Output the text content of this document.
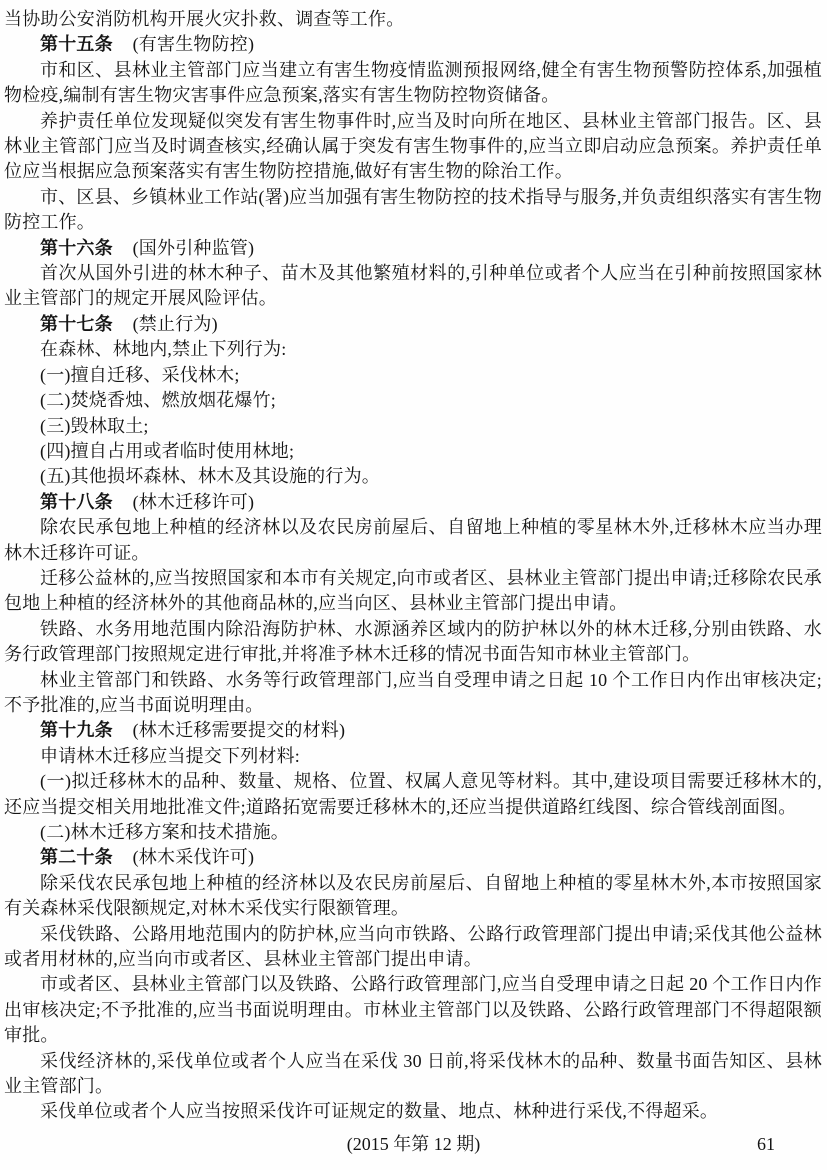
当协助公安消防机构开展火灾扑救、调查等工作。

第十五条 (有害生物防控)

市和区、县林业主管部门应当建立有害生物疫情监测预报网络,健全有害生物预警防控体系,加强植物检疫,编制有害生物灾害事件应急预案,落实有害生物防控物资储备。

养护责任单位发现疑似突发有害生物事件时,应当及时向所在地区、县林业主管部门报告。区、县林业主管部门应当及时调查核实,经确认属于突发有害生物事件的,应当立即启动应急预案。养护责任单位应当根据应急预案落实有害生物防控措施,做好有害生物的除治工作。

市、区县、乡镇林业工作站(署)应当加强有害生物防控的技术指导与服务,并负责组织落实有害生物防控工作。

第十六条 (国外引种监管)

首次从国外引进的林木种子、苗木及其他繁殖材料的,引种单位或者个人应当在引种前按照国家林业主管部门的规定开展风险评估。

第十七条 (禁止行为)

在森林、林地内,禁止下列行为:

(一)擅自迁移、采伐林木;

(二)焚烧香烛、燃放烟花爆竹;

(三)毁林取土;

(四)擅自占用或者临时使用林地;

(五)其他损坏森林、林木及其设施的行为。

第十八条 (林木迁移许可)

除农民承包地上种植的经济林以及农民房前屋后、自留地上种植的零星林木外,迁移林木应当办理林木迁移许可证。

迁移公益林的,应当按照国家和本市有关规定,向市或者区、县林业主管部门提出申请;迁移除农民承包地上种植的经济林外的其他商品林的,应当向区、县林业主管部门提出申请。

铁路、水务用地范围内除沿海防护林、水源涵养区域内的防护林以外的林木迁移,分别由铁路、水务行政管理部门按照规定进行审批,并将准予林木迁移的情况书面告知市林业主管部门。

林业主管部门和铁路、水务等行政管理部门,应当自受理申请之日起 10 个工作日内作出审核决定;不予批准的,应当书面说明理由。

第十九条 (林木迁移需要提交的材料)

申请林木迁移应当提交下列材料:

(一)拟迁移林木的品种、数量、规格、位置、权属人意见等材料。其中,建设项目需要迁移林木的,还应当提交相关用地批准文件;道路拓宽需要迁移林木的,还应当提供道路红线图、综合管线剖面图。

(二)林木迁移方案和技术措施。

第二十条 (林木采伐许可)

除采伐农民承包地上种植的经济林以及农民房前屋后、自留地上种植的零星林木外,本市按照国家有关森林采伐限额规定,对林木采伐实行限额管理。

采伐铁路、公路用地范围内的防护林,应当向市铁路、公路行政管理部门提出申请;采伐其他公益林或者用材林的,应当向市或者区、县林业主管部门提出申请。

市或者区、县林业主管部门以及铁路、公路行政管理部门,应当自受理申请之日起 20 个工作日内作出审核决定;不予批准的,应当书面说明理由。市林业主管部门以及铁路、公路行政管理部门不得超限额审批。

采伐经济林的,采伐单位或者个人应当在采伐 30 日前,将采伐林木的品种、数量书面告知区、县林业主管部门。

采伐单位或者个人应当按照采伐许可证规定的数量、地点、林种进行采伐,不得超采。

(2015 年第 12 期)	61
